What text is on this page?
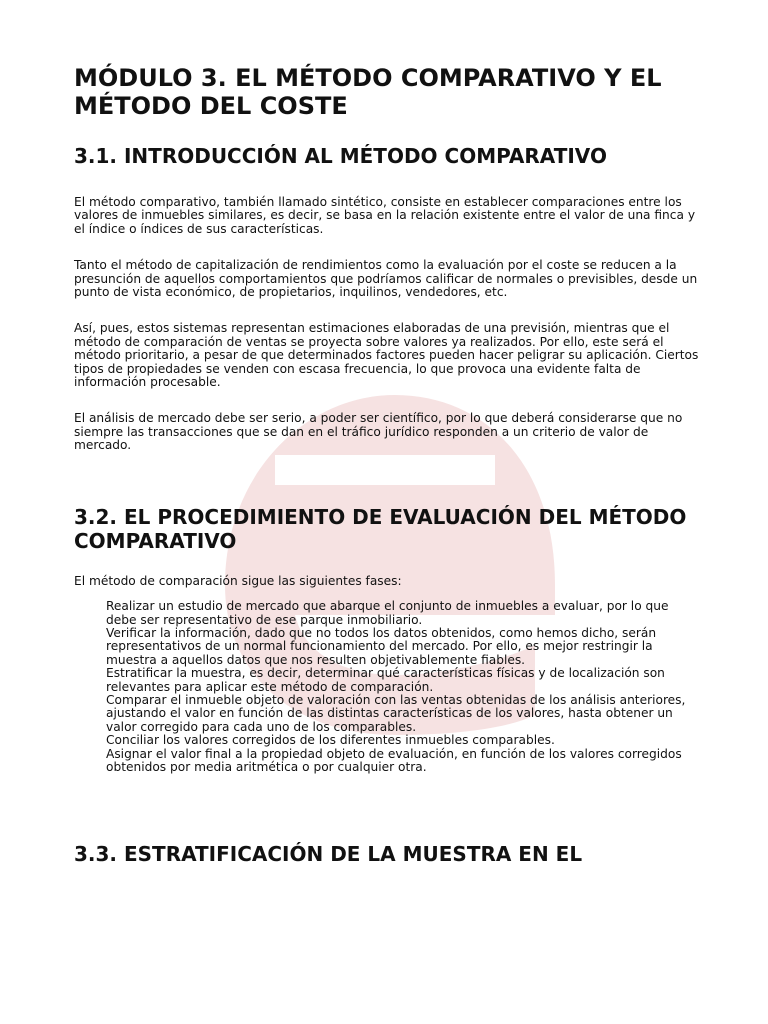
MÓDULO 3. EL MÉTODO COMPARATIVO Y EL MÉTODO DEL COSTE
3.1. INTRODUCCIÓN AL MÉTODO COMPARATIVO

El método comparativo, también llamado sintético, consiste en establecer comparaciones entre los valores de inmuebles similares, es decir, se basa en la relación existente entre el valor de una finca y el índice o índices de sus características.

Tanto el método de capitalización de rendimientos como la evaluación por el coste se reducen a la presunción de aquellos comportamientos que podríamos calificar de normales o previsibles, desde un punto de vista económico, de propietarios, inquilinos, vendedores, etc.

Así, pues, estos sistemas representan estimaciones elaboradas de una previsión, mientras que el método de comparación de ventas se proyecta sobre valores ya realizados. Por ello, este será el método prioritario, a pesar de que determinados factores pueden hacer peligrar su aplicación. Ciertos tipos de propiedades se venden con escasa frecuencia, lo que provoca una evidente falta de información procesable.

El análisis de mercado debe ser serio, a poder ser científico, por lo que deberá considerarse que no siempre las transacciones que se dan en el tráfico jurídico responden a un criterio de valor de mercado.

3.2. EL PROCEDIMIENTO DE EVALUACIÓN DEL MÉTODO COMPARATIVO

El método de comparación sigue las siguientes fases:

Realizar un estudio de mercado que abarque el conjunto de inmuebles a evaluar, por lo que debe ser representativo de ese parque inmobiliario.
Verificar la información, dado que no todos los datos obtenidos, como hemos dicho, serán representativos de un normal funcionamiento del mercado. Por ello, es mejor restringir la muestra a aquellos datos que nos resulten objetivablemente fiables.
Estratificar la muestra, es decir, determinar qué características físicas y de localización son relevantes para aplicar este método de comparación.
Comparar el inmueble objeto de valoración con las ventas obtenidas de los análisis anteriores, ajustando el valor en función de las distintas características de los valores, hasta obtener un valor corregido para cada uno de los comparables.
Conciliar los valores corregidos de los diferentes inmuebles comparables.
Asignar el valor final a la propiedad objeto de evaluación, en función de los valores corregidos obtenidos por media aritmética o por cualquier otra.
3.3. ESTRATIFICACIÓN DE LA MUESTRA EN EL
